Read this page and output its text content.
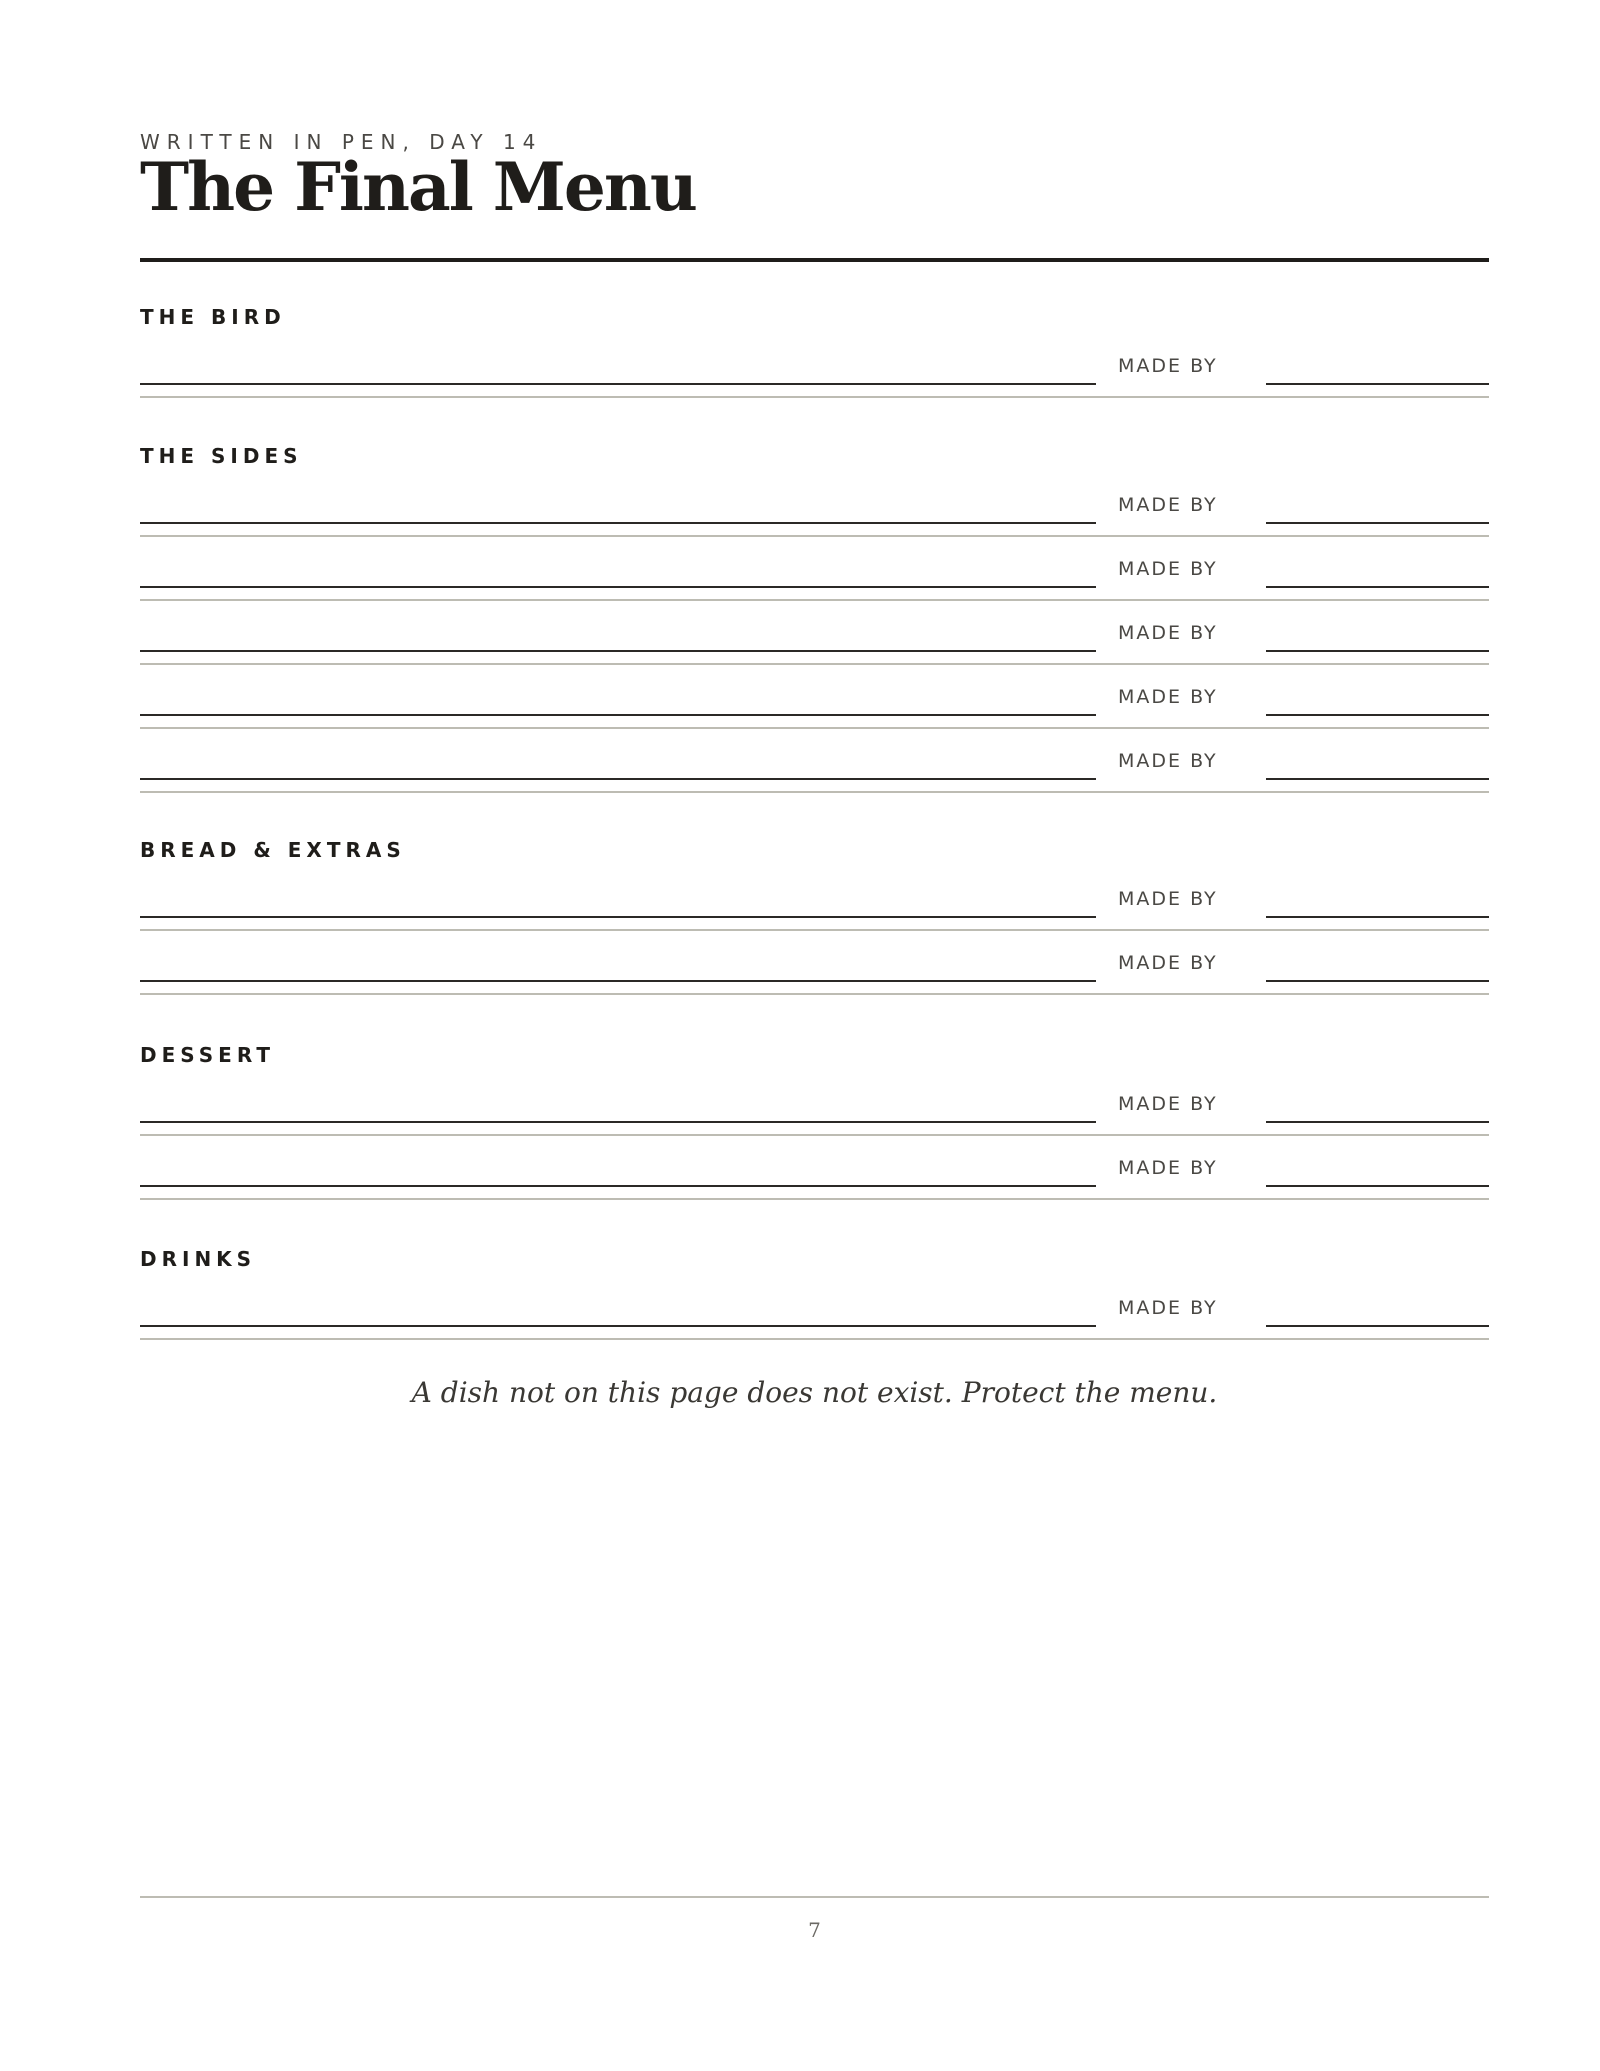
WRITTEN IN PEN, DAY 14
The Final Menu
THE BIRD
MADE BY
THE SIDES
MADE BY
MADE BY
MADE BY
MADE BY
MADE BY
BREAD & EXTRAS
MADE BY
MADE BY
DESSERT
MADE BY
MADE BY
DRINKS
MADE BY
A dish not on this page does not exist. Protect the menu.
7
